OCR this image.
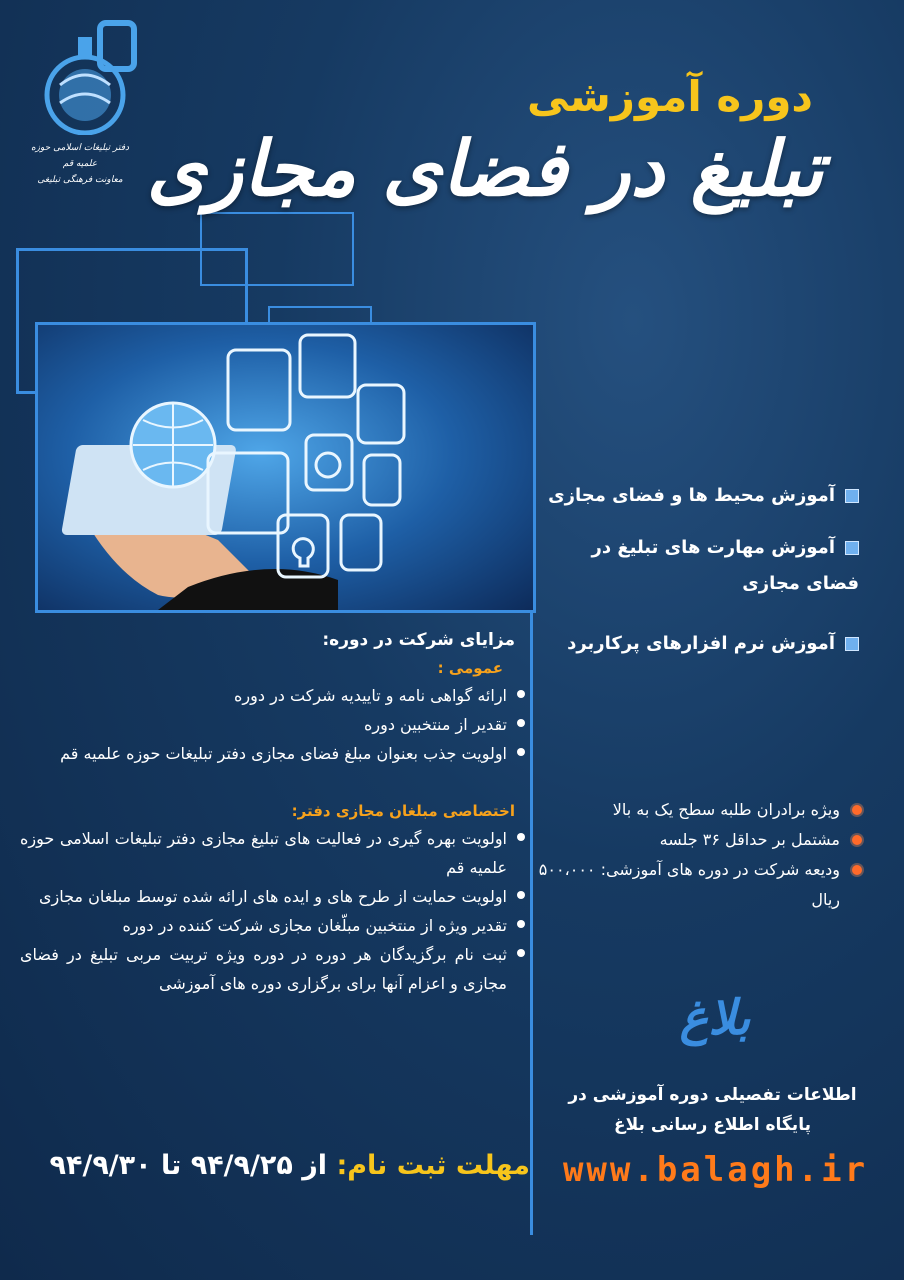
دفتر تبلیغات اسلامی حوزه علمیه قم
معاونت فرهنگی تبلیغی
دوره آموزشی
تبلیغ در فضای مجازی
آموزش محیط ها و فضای مجازی
آموزش مهارت های تبلیغ در فضای مجازی
آموزش نرم افزارهای پرکاربرد
مزایای شرکت در دوره:
عمومی :
ارائه گواهی نامه و تاییدیه شرکت در دوره
تقدیر از منتخبین دوره
اولویت جذب بعنوان مبلغ فضای مجازی دفتر تبلیغات حوزه علمیه قم
اختصاصی مبلغان مجازی دفتر:
اولویت بهره گیری در فعالیت های تبلیغ مجازی دفتر تبلیغات اسلامی حوزه علمیه قم
اولویت حمایت از طرح های و ایده های ارائه شده توسط مبلغان مجازی
تقدیر ویژه از منتخبین مبلّغان مجازی شرکت کننده در دوره
ثبت نام برگزیدگان هر دوره در دوره ویژه تربیت مربی تبلیغ در فضای مجازی و اعزام آنها برای برگزاری دوره های آموزشی
ویژه برادران طلبه سطح یک به بالا
مشتمل بر حداقل ۳۶ جلسه
ودیعه شرکت در دوره های آموزشی: ۵۰۰،۰۰۰ ریال
بلاغ
اطلاعات تفصیلی دوره آموزشی در پایگاه اطلاع رسانی بلاغ
www.balagh.ir
مهلت ثبت نام: از ۹۴/۹/۲۵ تا ۹۴/۹/۳۰
